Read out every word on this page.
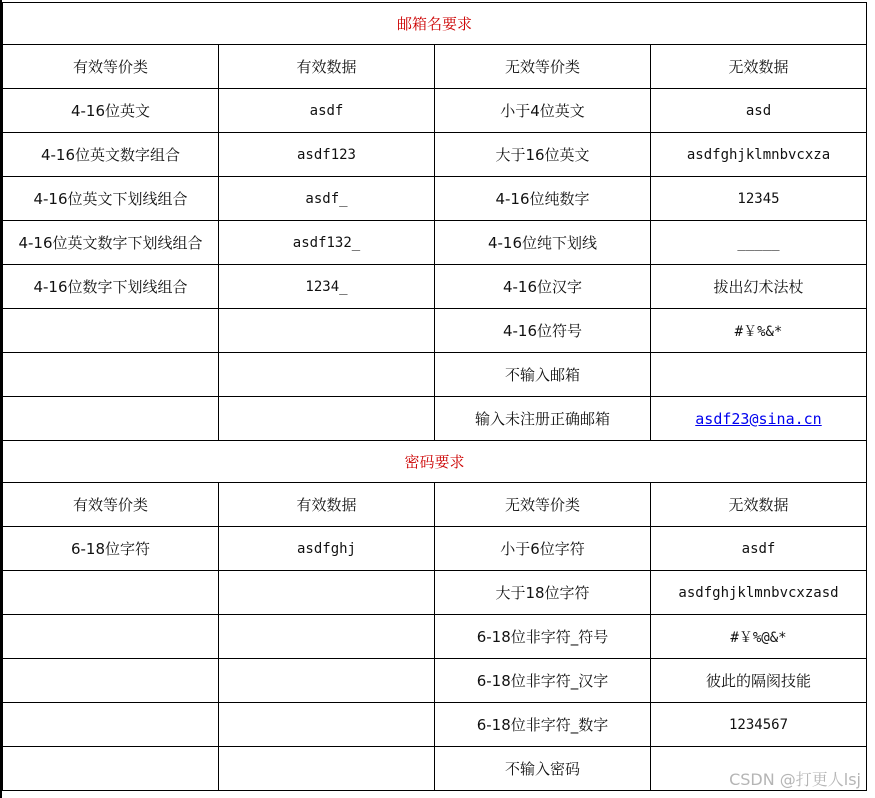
邮箱名要求			
有效等价类	有效数据	无效等价类	无效数据
4-16位英文	asdf	小于4位英文	asd
4-16位英文数字组合	asdf123	大于16位英文	asdfghjklmnbvcxza
4-16位英文下划线组合	asdf_	4-16位纯数字	12345
4-16位英文数字下划线组合	asdf132_	4-16位纯下划线	_____
4-16位数字下划线组合	1234_	4-16位汉字	拔出幻术法杖
		4-16位符号	#￥%&*
		不输入邮箱	
		输入未注册正确邮箱	asdf23@sina.cn
密码要求			
有效等价类	有效数据	无效等价类	无效数据
6-18位字符	asdfghj	小于6位字符	asdf
		大于18位字符	asdfghjklmnbvcxzasd
		6-18位非字符_符号	#￥%@&*
		6-18位非字符_汉字	彼此的隔阂技能
		6-18位非字符_数字	1234567
		不输入密码	
CSDN @打更人lsj
